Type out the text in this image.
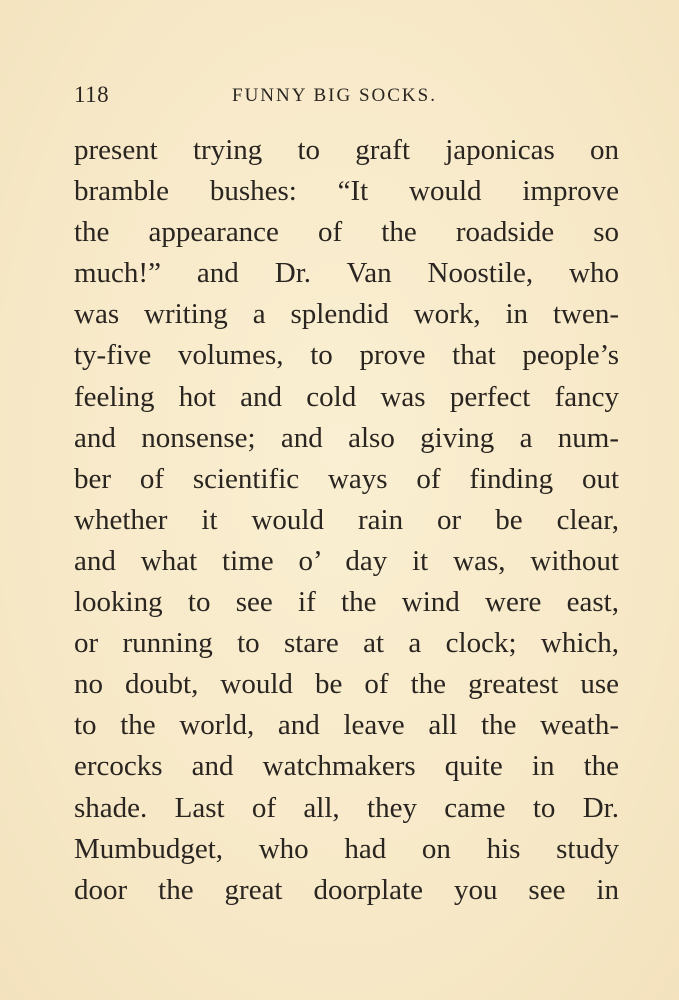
118	FUNNY BIG SOCKS.
present trying to graft japonicas on
bramble bushes: “It would improve
the appearance of the roadside so
much!” and Dr. Van Noostile, who
was writing a splendid work, in twen-
ty-five volumes, to prove that people’s
feeling hot and cold was perfect fancy
and nonsense; and also giving a num-
ber of scientific ways of finding out
whether it would rain or be clear,
and what time o’ day it was, without
looking to see if the wind were east,
or running to stare at a clock; which,
no doubt, would be of the greatest use
to the world, and leave all the weath-
ercocks and watchmakers quite in the
shade. Last of all, they came to Dr.
Mumbudget, who had on his study
door the great doorplate you see in
